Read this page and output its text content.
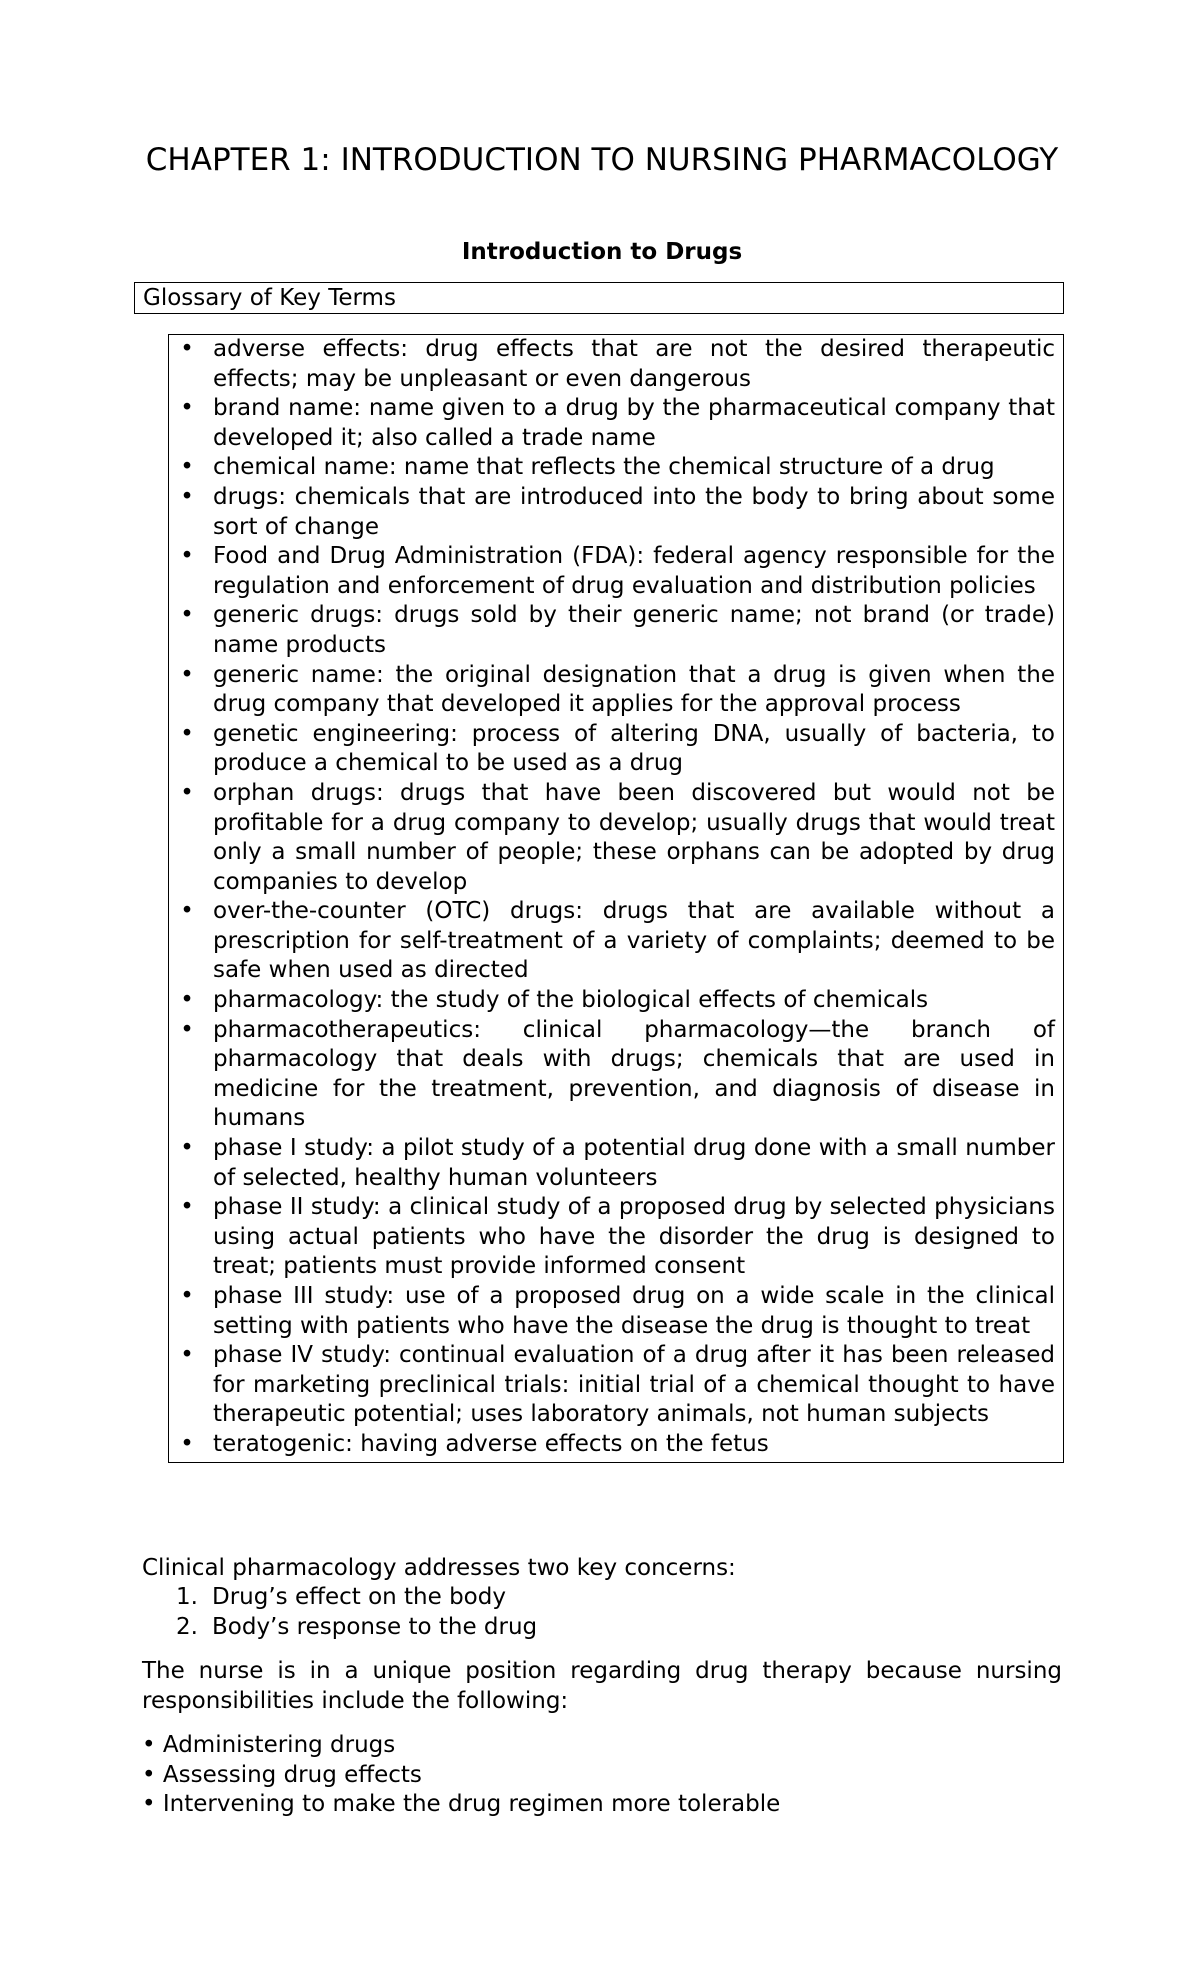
CHAPTER 1: INTRODUCTION TO NURSING PHARMACOLOGY
Introduction to Drugs
Glossary of Key Terms
• adverse effects: drug effects that are not the desired therapeutic effects; may be unpleasant or even dangerous
• brand name: name given to a drug by the pharmaceutical company that developed it; also called a trade name
• chemical name: name that reflects the chemical structure of a drug
• drugs: chemicals that are introduced into the body to bring about some sort of change
• Food and Drug Administration (FDA): federal agency responsible for the regulation and enforcement of drug evaluation and distribution policies
• generic drugs: drugs sold by their generic name; not brand (or trade) name products
• generic name: the original designation that a drug is given when the drug company that developed it applies for the approval process
• genetic engineering: process of altering DNA, usually of bacteria, to produce a chemical to be used as a drug
• orphan drugs: drugs that have been discovered but would not be profitable for a drug company to develop; usually drugs that would treat only a small number of people; these orphans can be adopted by drug companies to develop
• over-the-counter (OTC) drugs: drugs that are available without a prescription for self-treatment of a variety of complaints; deemed to be safe when used as directed
• pharmacology: the study of the biological effects of chemicals
• pharmacotherapeutics: clinical pharmacology—the branch of pharmacology that deals with drugs; chemicals that are used in medicine for the treatment, prevention, and diagnosis of disease in humans
• phase I study: a pilot study of a potential drug done with a small number of selected, healthy human volunteers
• phase II study: a clinical study of a proposed drug by selected physicians using actual patients who have the disorder the drug is designed to treat; patients must provide informed consent
• phase III study: use of a proposed drug on a wide scale in the clinical setting with patients who have the disease the drug is thought to treat
• phase IV study: continual evaluation of a drug after it has been released for marketing preclinical trials: initial trial of a chemical thought to have therapeutic potential; uses laboratory animals, not human subjects
• teratogenic: having adverse effects on the fetus
Clinical pharmacology addresses two key concerns:
1. Drug’s effect on the body
2. Body’s response to the drug
The nurse is in a unique position regarding drug therapy because nursing responsibilities include the following:
• Administering drugs
• Assessing drug effects
• Intervening to make the drug regimen more tolerable
